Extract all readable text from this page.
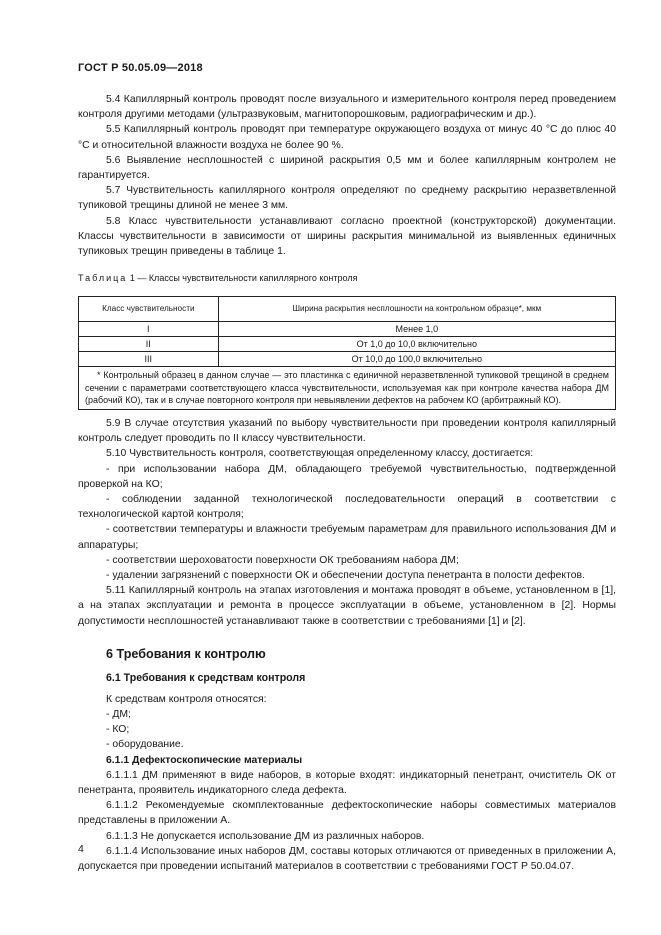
ГОСТ Р 50.05.09—2018

5.4 Капиллярный контроль проводят после визуального и измерительного контроля перед проведением контроля другими методами (ультразвуковым, магнитопорошковым, радиографическим и др.).

5.5 Капиллярный контроль проводят при температуре окружающего воздуха от минус 40 °С до плюс 40 °С и относительной влажности воздуха не более 90 %.

5.6 Выявление несплошностей с шириной раскрытия 0,5 мм и более капиллярным контролем не гарантируется.

5.7 Чувствительность капиллярного контроля определяют по среднему раскрытию неразветвленной тупиковой трещины длиной не менее 3 мм.

5.8 Класс чувствительности устанавливают согласно проектной (конструкторской) документации. Классы чувствительности в зависимости от ширины раскрытия минимальной из выявленных единичных тупиковых трещин приведены в таблице 1.

Таблица 1 — Классы чувствительности капиллярного контроля
Класс чувствительности	Ширина раскрытия несплошности на контрольном образце*, мкм
I	Менее 1,0
II	От 1,0 до 10,0 включительно
III	От 10,0 до 100,0 включительно
* Контрольный образец в данном случае — это пластинка с единичной неразветвленной тупиковой трещиной в среднем сечении с параметрами соответствующего класса чувствительности, используемая как при контроле качества набора ДМ (рабочий КО), так и в случае повторного контроля при невыявлении дефектов на рабочем КО (арбитражный КО).	

5.9 В случае отсутствия указаний по выбору чувствительности при проведении контроля капиллярный контроль следует проводить по II классу чувствительности.

5.10 Чувствительность контроля, соответствующая определенному классу, достигается:

- при использовании набора ДМ, обладающего требуемой чувствительностью, подтвержденной проверкой на КО;

- соблюдении заданной технологической последовательности операций в соответствии с технологической картой контроля;

- соответствии температуры и влажности требуемым параметрам для правильного использования ДМ и аппаратуры;

- соответствии шероховатости поверхности ОК требованиям набора ДМ;

- удалении загрязнений с поверхности ОК и обеспечении доступа пенетранта в полости дефектов.

5.11 Капиллярный контроль на этапах изготовления и монтажа проводят в объеме, установленном в [1], а на этапах эксплуатации и ремонта в процессе эксплуатации в объеме, установленном в [2]. Нормы допустимости несплошностей устанавливают также в соответствии с требованиями [1] и [2].

6 Требования к контролю
6.1 Требования к средствам контроля

К средствам контроля относятся:

- ДМ;

- КО;

- оборудование.

6.1.1 Дефектоскопические материалы

6.1.1.1 ДМ применяют в виде наборов, в которые входят: индикаторный пенетрант, очиститель ОК от пенетранта, проявитель индикаторного следа дефекта.

6.1.1.2 Рекомендуемые скомплектованные дефектоскопические наборы совместимых материалов представлены в приложении А.

6.1.1.3 Не допускается использование ДМ из различных наборов.

6.1.1.4 Использование иных наборов ДМ, составы которых отличаются от приведенных в приложении А, допускается при проведении испытаний материалов в соответствии с требованиями ГОСТ Р 50.04.07.

4
